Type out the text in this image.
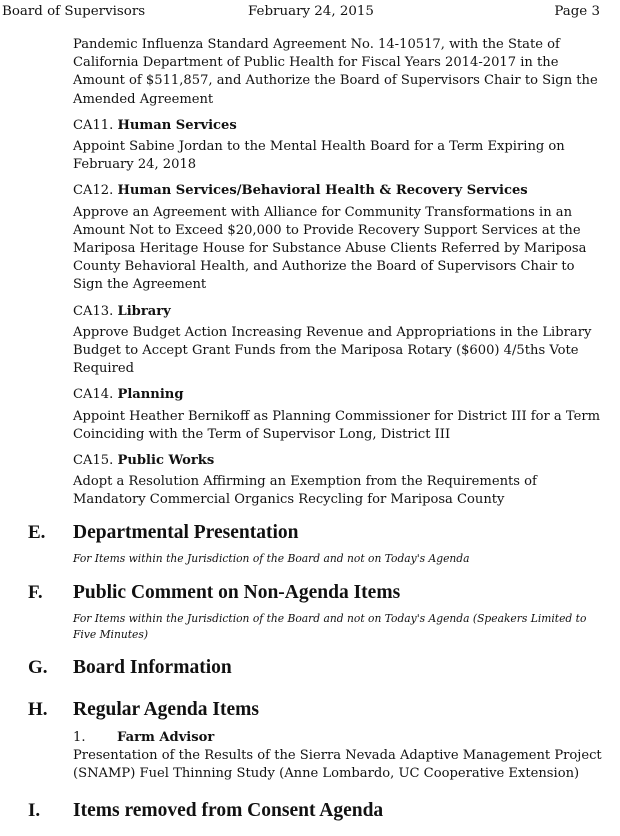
Board of Supervisors	February 24, 2015	Page 3

Pandemic Influenza Standard Agreement No. 14-10517, with the State of California Department of Public Health for Fiscal Years 2014-2017 in the Amount of $511,857, and Authorize the Board of Supervisors Chair to Sign the Amended Agreement

CA11. Human Services

Appoint Sabine Jordan to the Mental Health Board for a Term Expiring on February 24, 2018

CA12. Human Services/Behavioral Health & Recovery Services

Approve an Agreement with Alliance for Community Transformations in an Amount Not to Exceed $20,000 to Provide Recovery Support Services at the Mariposa Heritage House for Substance Abuse Clients Referred by Mariposa County Behavioral Health, and Authorize the Board of Supervisors Chair to Sign the Agreement

CA13. Library

Approve Budget Action Increasing Revenue and Appropriations in the Library Budget to Accept Grant Funds from the Mariposa Rotary ($600) 4/5ths Vote Required

CA14. Planning

Appoint Heather Bernikoff as Planning Commissioner for District III for a Term Coinciding with the Term of Supervisor Long, District III

CA15. Public Works

Adopt a Resolution Affirming an Exemption from the Requirements of Mandatory Commercial Organics Recycling for Mariposa County

E. Departmental Presentation
For Items within the Jurisdiction of the Board and not on Today's Agenda
F. Public Comment on Non-Agenda Items
For Items within the Jurisdiction of the Board and not on Today's Agenda (Speakers Limited to Five Minutes)
G. Board Information
H. Regular Agenda Items
1. Farm Advisor
Presentation of the Results of the Sierra Nevada Adaptive Management Project (SNAMP) Fuel Thinning Study (Anne Lombardo, UC Cooperative Extension)
I. Items removed from Consent Agenda
